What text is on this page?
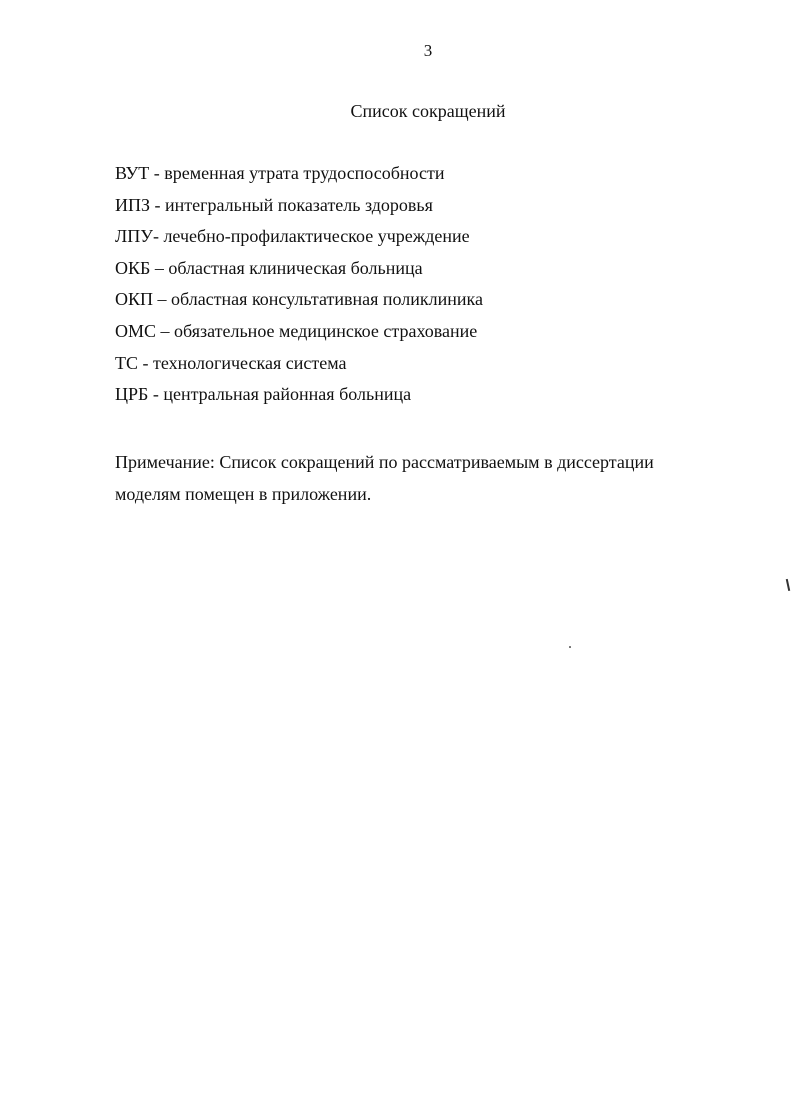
3
Список сокращений
ВУТ - временная утрата трудоспособности
ИПЗ - интегральный показатель здоровья
ЛПУ- лечебно-профилактическое учреждение
ОКБ – областная клиническая больница
ОКП – областная консультативная поликлиника
ОМС – обязательное медицинское страхование
ТС - технологическая система
ЦРБ - центральная районная больница

Примечание: Список сокращений по рассматриваемым в диссертации

моделям помещен в приложении.
